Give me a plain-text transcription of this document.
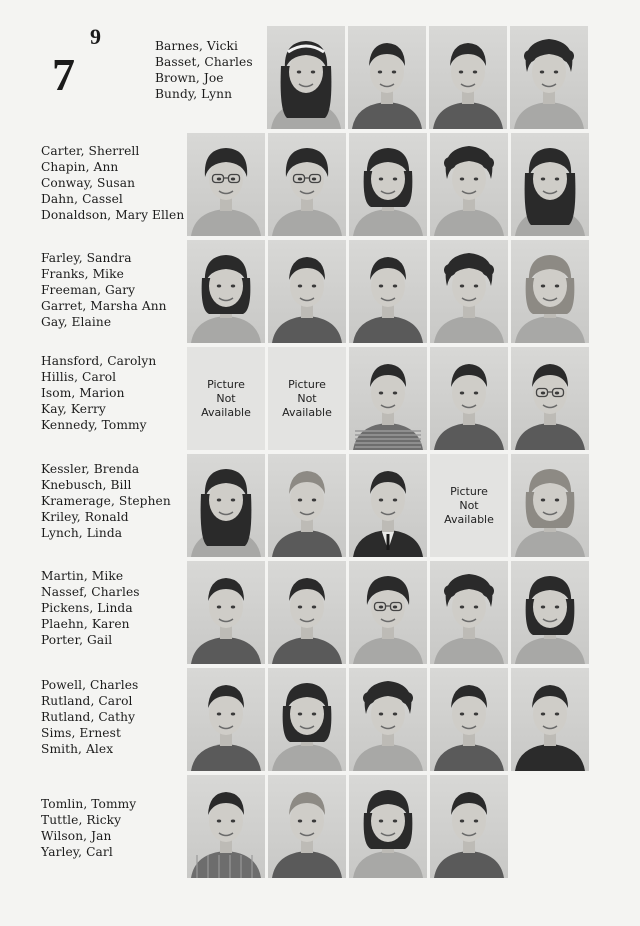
7
9	Barnes, Vicki
Basset, Charles
Brown, Joe
Bundy, Lynn
Carter, Sherrell
Chapin, Ann
Conway, Susan
Dahn, Cassel
Donaldson, Mary Ellen
Farley, Sandra
Franks, Mike
Freeman, Gary
Garret, Marsha Ann
Gay, Elaine
Hansford, Carolyn
Hillis, Carol
Isom, Marion
Kay, Kerry
Kennedy, Tommy
Picture
Not
Available
Picture
Not
Available
Kessler, Brenda
Knebusch, Bill
Kramerage, Stephen
Kriley, Ronald
Lynch, Linda
Picture
Not
Available
Martin, Mike
Nassef, Charles
Pickens, Linda
Plaehn, Karen
Porter, Gail
Powell, Charles
Rutland, Carol
Rutland, Cathy
Sims, Ernest
Smith, Alex
Tomlin, Tommy
Tuttle, Ricky
Wilson, Jan
Yarley, Carl
